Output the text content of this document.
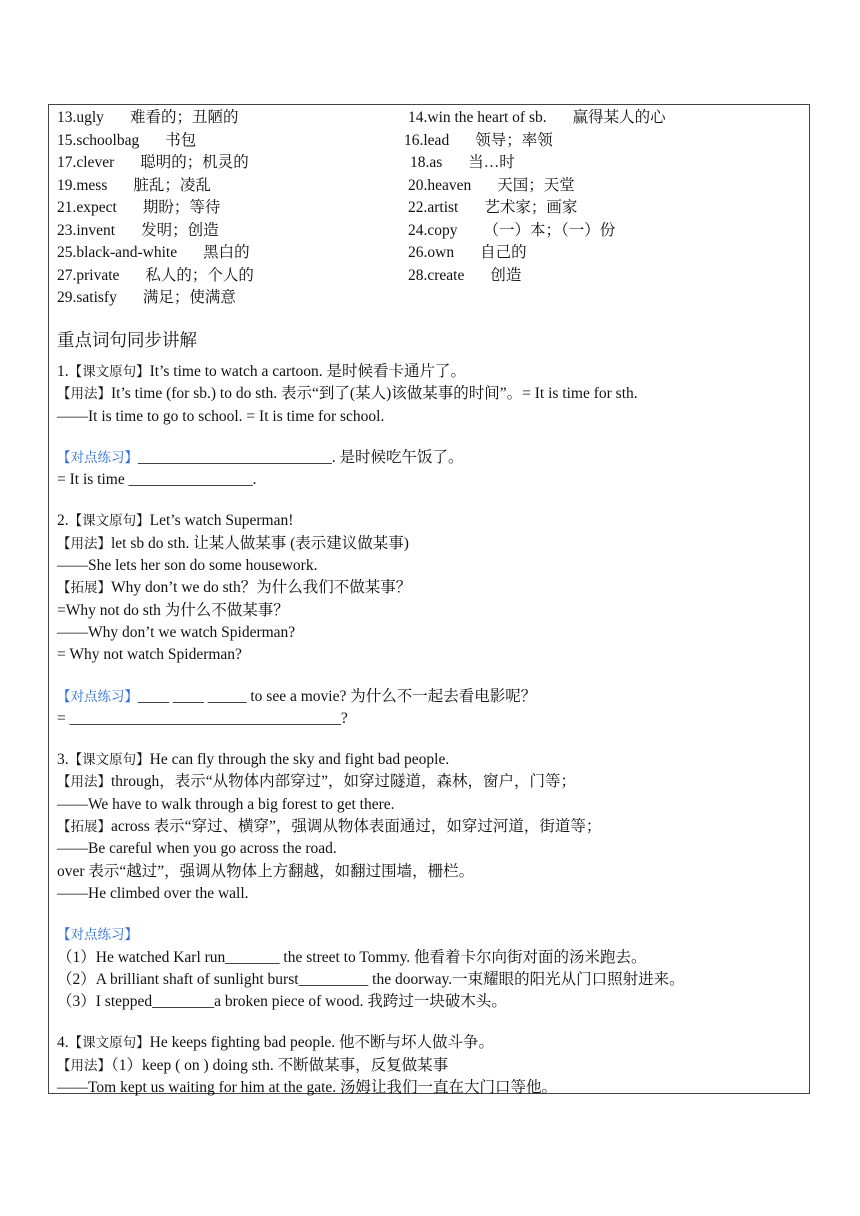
13.ugly 难看的；丑陋的	14.win the heart of sb. 赢得某人的心
15.schoolbag 书包	16.lead 领导；率领
17.clever 聪明的；机灵的	18.as 当…时
19.mess 脏乱；凌乱	20.heaven 天国；天堂
21.expect 期盼；等待	22.artist 艺术家；画家
23.invent 发明；创造	24.copy （一）本；（一）份
25.black-and-white 黑白的	26.own 自己的
27.private 私人的；个人的	28.create 创造
29.satisfy 满足；使满意
重点词句同步讲解
1.【课文原句】It’s time to watch a cartoon. 是时候看卡通片了。
【用法】It’s time (for sb.) to do sth. 表示“到了(某人)该做某事的时间”。= It is time for sth.
——It is time to go to school. = It is time for school.
【对点练习】_________________________. 是时候吃午饭了。
= It is time ________________.
2.【课文原句】Let’s watch Superman!
【用法】let sb do sth. 让某人做某事 (表示建议做某事)
——She lets her son do some housework.
【拓展】Why don’t we do sth？为什么我们不做某事？
=Why not do sth 为什么不做某事？
——Why don’t we watch Spiderman?
= Why not watch Spiderman?
【对点练习】____ ____ _____ to see a movie? 为什么不一起去看电影呢？
= ___________________________________?
3.【课文原句】He can fly through the sky and fight bad people.
【用法】through，表示“从物体内部穿过”，如穿过隧道，森林，窗户，门等；
——We have to walk through a big forest to get there.
【拓展】across 表示“穿过、横穿”，强调从物体表面通过，如穿过河道，街道等；
——Be careful when you go across the road.
over 表示“越过”，强调从物体上方翻越，如翻过围墙，栅栏。
——He climbed over the wall.
【对点练习】
（1）He watched Karl run_______ the street to Tommy. 他看着卡尔向街对面的汤米跑去。
（2）A brilliant shaft of sunlight burst_________ the doorway.一束耀眼的阳光从门口照射进来。
（3）I stepped________a broken piece of wood. 我跨过一块破木头。
4.【课文原句】He keeps fighting bad people. 他不断与坏人做斗争。
【用法】（1）keep ( on ) doing sth. 不断做某事，反复做某事
——Tom kept us waiting for him at the gate. 汤姆让我们一直在大门口等他。
